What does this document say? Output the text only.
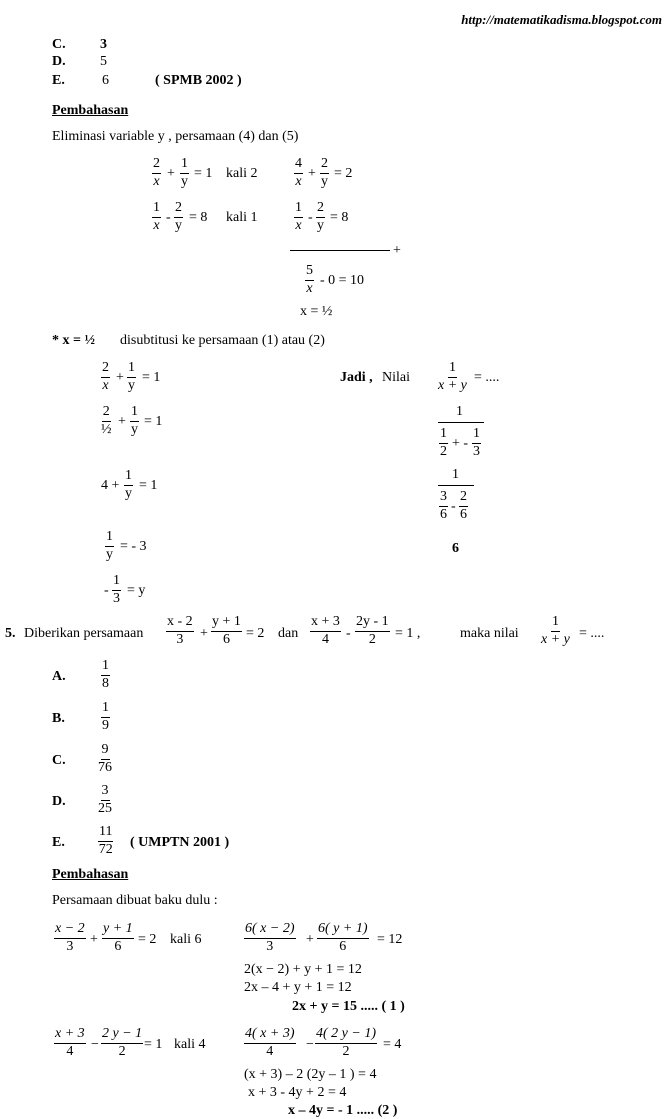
http://matematikadisma.blogspot.com
C. 3
D. 5
E.	6	( SPMB 2002 )
Pembahasan
Eliminasi variable y , persamaan (4) dan (5)
$\frac{2}{x} + \frac{1}{y} = 1$ kali 2	$\frac{4}{x} + \frac{2}{y} = 2$
$\frac{1}{x} - \frac{2}{y} = 8$ kali 1	$\frac{1}{x} - \frac{2}{y} = 8$
+
$\frac{5}{x} - 0 = 10$
x = ½
* x = ½ disubtitusi ke persamaan (1) atau (2)
$\frac{2}{x} + \frac{1}{y} = 1$
2
½
+ $\frac{1}{y} = 1$
$4 + \frac{1}{y} = 1$
$\frac{1}{y}$ = - 3
- $\frac{1}{3} = y$
Jadi , Nilai $\frac{1}{x + y}$ = ....
1
$\frac{1}{2}$ + - $\frac{1}{3}$
1
$\frac{3}{6} - \frac{2}{6}$
6
5. Diberikan persamaan $\frac{x - 2}{3} + \frac{y + 1}{6} = 2$ dan $\frac{x + 3}{4} - \frac{2y - 1}{2} = 1$ ,	maka nilai $\frac{1}{x + y}$ = ....
A.	$\frac{1}{8}$
B.	$\frac{1}{9}$
C. $\frac{9}{76}$
D. $\frac{3}{25}$
E. $\frac{11}{72}$ ( UMPTN 2001 )
Pembahasan
Persamaan dibuat baku dulu :
$\frac{x - 2}{3} + \frac{y + 1}{6} = 2$ kali 6	$\frac{6( x - 2)}{3} + \frac{6( y + 1)}{6} = 12$
2(x − 2) + y + 1 = 12
2x – 4 + y + 1 = 12
2x + y = 15 ..... ( 1 )
$\frac{x + 3}{4} - \frac{2 y - 1}{2} = 1$ kali 4	$\frac{4( x + 3)}{4} - \frac{4( 2 y - 1)}{2} = 4$
(x + 3) – 2 (2y – 1 ) = 4
x + 3 - 4y + 2 = 4
x – 4y = - 1 ..... (2 )
